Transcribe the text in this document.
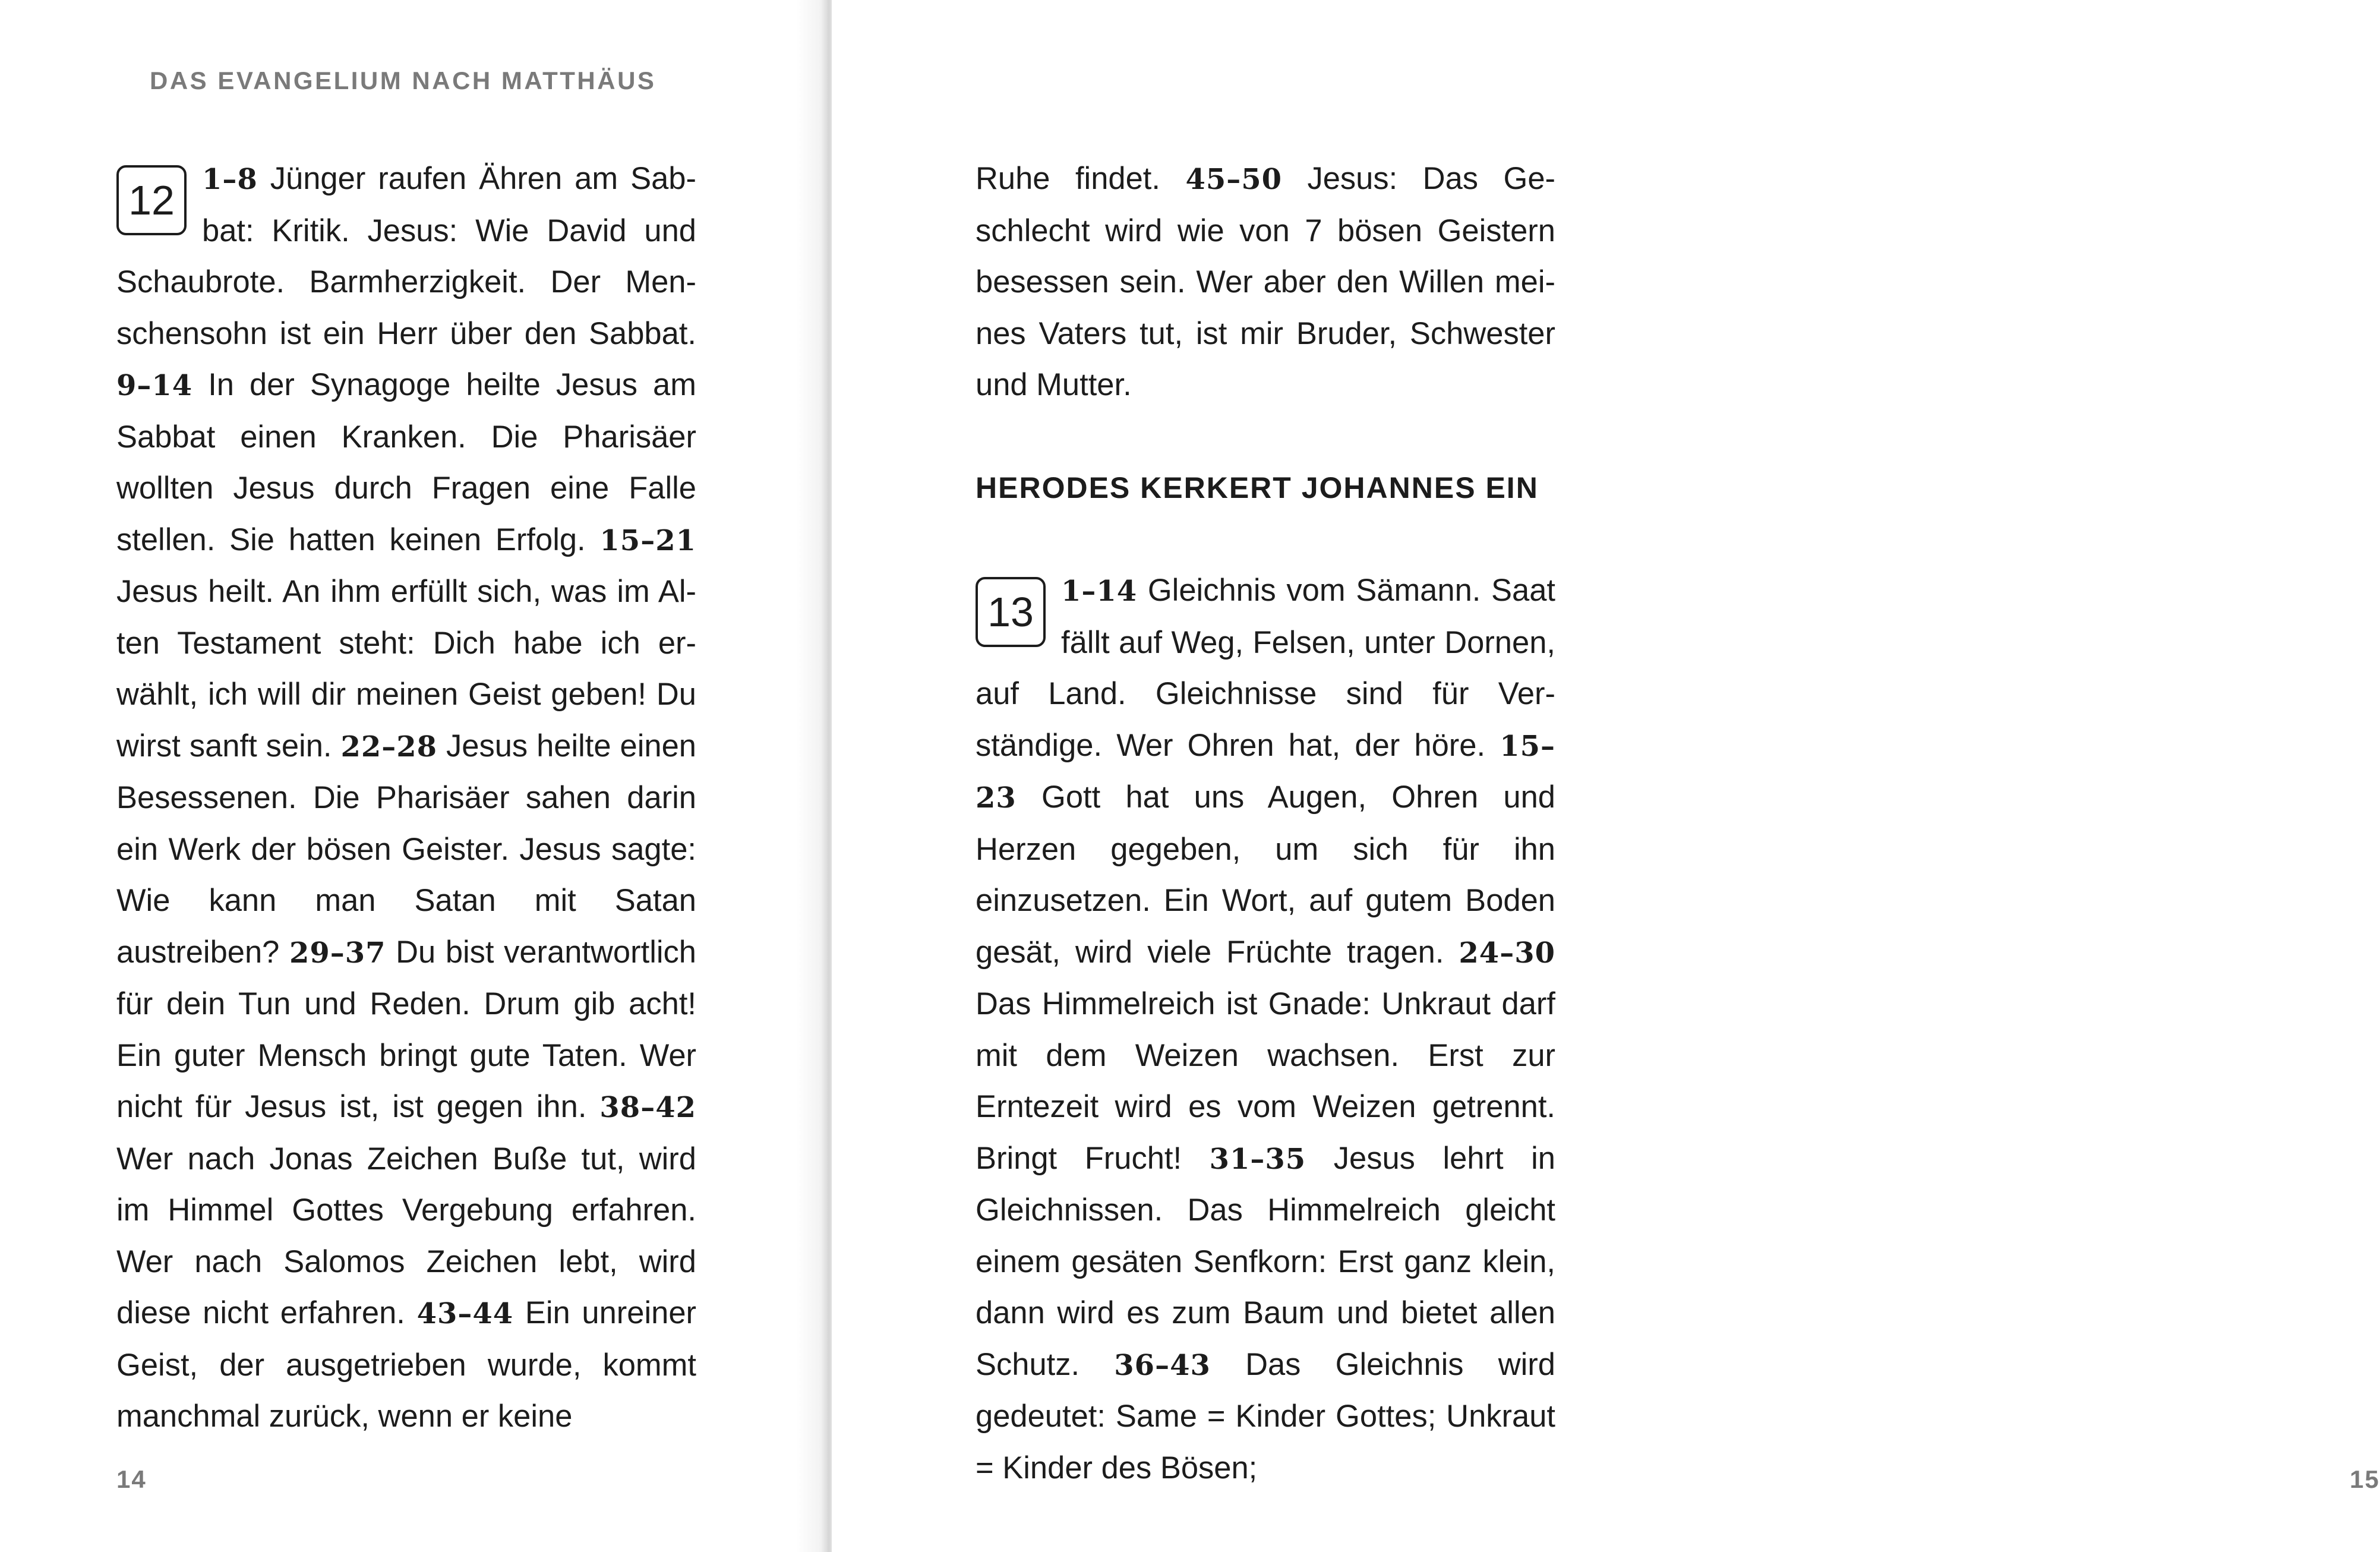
DAS EVANGELIUM NACH MATTHÄUS
12 1–8 Jünger raufen Ähren am Sabbat: Kritik. Jesus: Wie David und Schaubrote. Barmherzigkeit. Der Menschensohn ist ein Herr über den Sabbat. 9–14 In der Synagoge heilte Jesus am Sabbat einen Kranken. Die Pharisäer wollten Jesus durch Fragen eine Falle stellen. Sie hatten keinen Erfolg. 15–21 Jesus heilt. An ihm erfüllt sich, was im Alten Testament steht: Dich habe ich erwählt, ich will dir meinen Geist geben! Du wirst sanft sein. 22–28 Jesus heilte einen Besessenen. Die Pharisäer sahen darin ein Werk der bösen Geister. Jesus sagte: Wie kann man Satan mit Satan austreiben? 29–37 Du bist verantwortlich für dein Tun und Reden. Drum gib acht! Ein guter Mensch bringt gute Taten. Wer nicht für Jesus ist, ist gegen ihn. 38–42 Wer nach Jonas Zeichen Buße tut, wird im Himmel Gottes Vergebung erfahren. Wer nach Salomos Zeichen lebt, wird diese nicht erfahren. 43–44 Ein unreiner Geist, der ausgetrieben wurde, kommt manchmal zurück, wenn er keine
14
Ruhe findet. 45–50 Jesus: Das Geschlecht wird wie von 7 bösen Geistern besessen sein. Wer aber den Willen meines Vaters tut, ist mir Bruder, Schwester und Mutter.
HERODES KERKERT JOHANNES EIN
13 1–14 Gleichnis vom Sämann. Saat fällt auf Weg, Felsen, unter Dornen, auf Land. Gleichnisse sind für Verständige. Wer Ohren hat, der höre. 15–23 Gott hat uns Augen, Ohren und Herzen gegeben, um sich für ihn einzusetzen. Ein Wort, auf gutem Boden gesät, wird viele Früchte tragen. 24–30 Das Himmelreich ist Gnade: Unkraut darf mit dem Weizen wachsen. Erst zur Erntezeit wird es vom Weizen getrennt. Bringt Frucht! 31–35 Jesus lehrt in Gleichnissen. Das Himmelreich gleicht einem gesäten Senfkorn: Erst ganz klein, dann wird es zum Baum und bietet allen Schutz. 36–43 Das Gleichnis wird gedeutet: Same = Kinder Gottes; Unkraut = Kinder des Bösen;	15
